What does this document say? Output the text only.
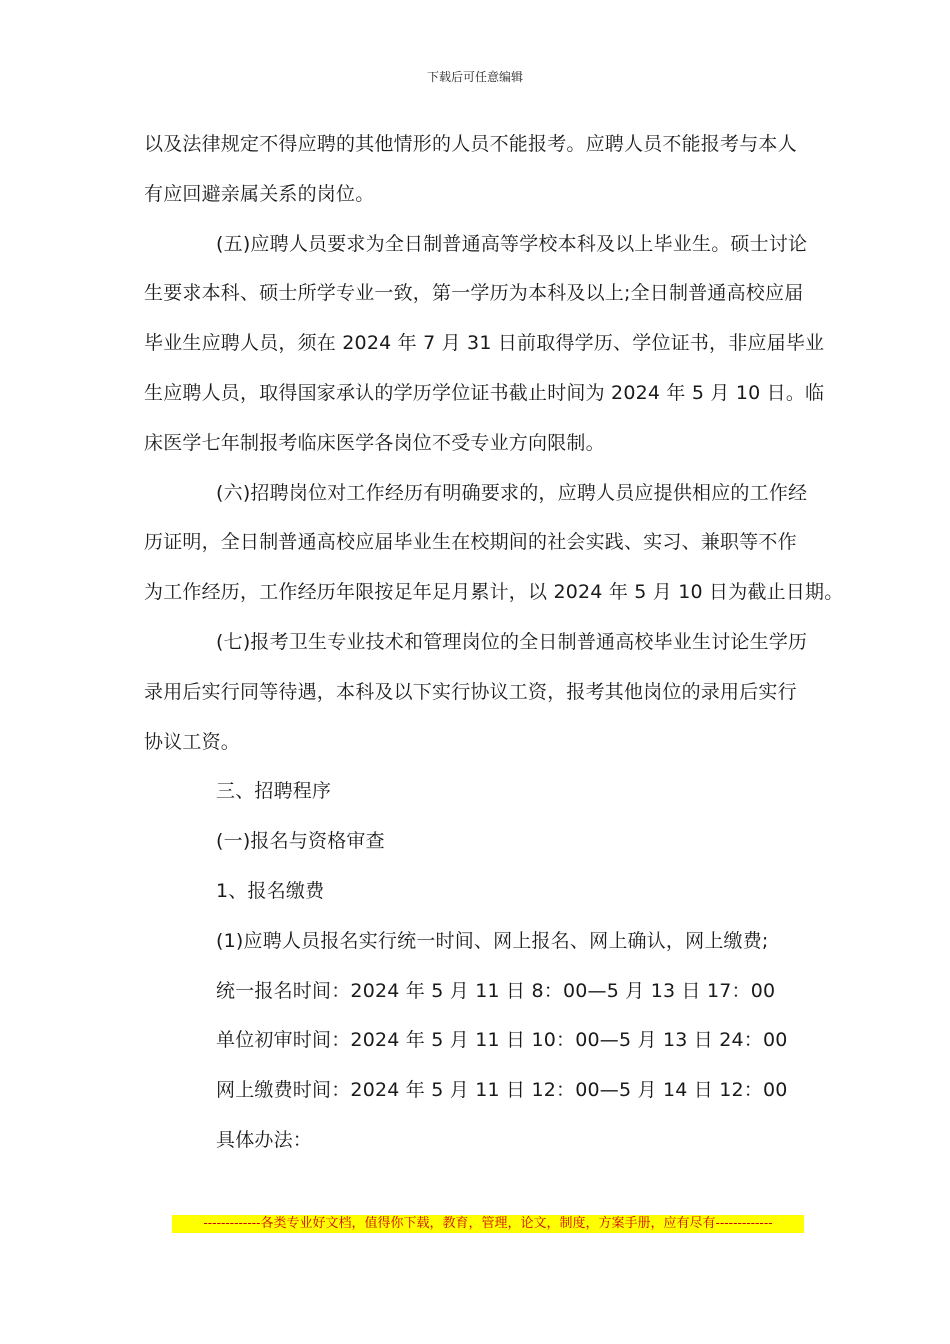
下载后可任意编辑
以及法律规定不得应聘的其他情形的人员不能报考。应聘人员不能报考与本人
有应回避亲属关系的岗位。
(五)应聘人员要求为全日制普通高等学校本科及以上毕业生。硕士讨论
生要求本科、硕士所学专业一致，第一学历为本科及以上;全日制普通高校应届
毕业生应聘人员，须在 2024 年 7 月 31 日前取得学历、学位证书，非应届毕业
生应聘人员，取得国家承认的学历学位证书截止时间为 2024 年 5 月 10 日。临
床医学七年制报考临床医学各岗位不受专业方向限制。
(六)招聘岗位对工作经历有明确要求的，应聘人员应提供相应的工作经
历证明，全日制普通高校应届毕业生在校期间的社会实践、实习、兼职等不作
为工作经历，工作经历年限按足年足月累计，以 2024 年 5 月 10 日为截止日期。
(七)报考卫生专业技术和管理岗位的全日制普通高校毕业生讨论生学历
录用后实行同等待遇，本科及以下实行协议工资，报考其他岗位的录用后实行
协议工资。
三、招聘程序
(一)报名与资格审查
1、报名缴费
(1)应聘人员报名实行统一时间、网上报名、网上确认，网上缴费;
统一报名时间：2024 年 5 月 11 日 8：00—5 月 13 日 17：00
单位初审时间：2024 年 5 月 11 日 10：00—5 月 13 日 24：00
网上缴费时间：2024 年 5 月 11 日 12：00—5 月 14 日 12：00
具体办法：
-------------各类专业好文档，值得你下载，教育，管理，论文，制度，方案手册，应有尽有-------------
